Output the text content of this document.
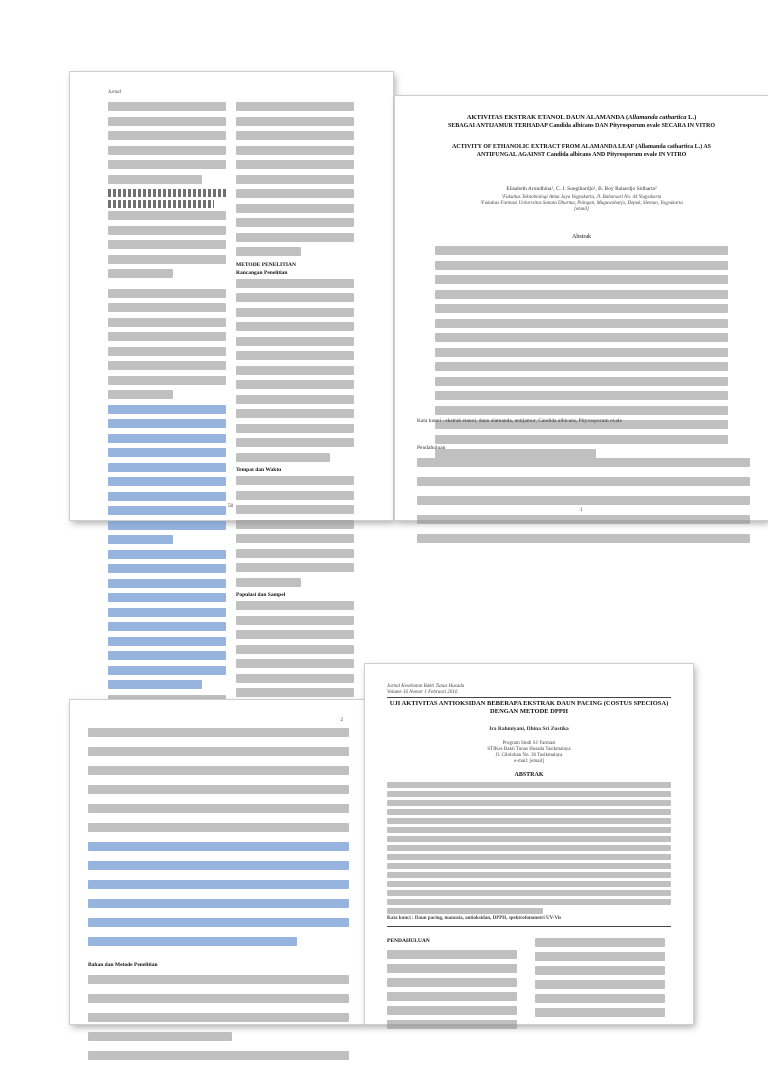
Jurnal
METODE PENELITIAN
Rancangan Penelitian
Tempat dan Waktu
Populasi dan Sampel
58
AKTIVITAS EKSTRAK ETANOL DAUN ALAMANDA (Allamanda cathartica L.)
SEBAGAI ANTIJAMUR TERHADAP Candida albicans DAN Pityrosporum ovale SECARA IN VITRO
ACTIVITY OF ETHANOLIC EXTRACT FROM ALAMANDA LEAF (Allamanda cathartica L.) AS ANTIFUNGAL AGAINST Candida albicans AND Pityrosporum ovale IN VITRO
Elisabeth Arundhina¹, C. J. Soegihardjo¹, B. Boy Rahardjo Sidharta²
¹Fakultas Teknobiologi Atma Jaya Yogyakarta, Jl. Babarsari No. 44 Yogyakarta
²Fakultas Farmasi Universitas Sanata Dharma, Paingan, Maguwoharjo, Depok, Sleman, Yogyakarta
[email]
Abstrak
Kata kunci : ekstrak etanol, daun alamanda, antijamur, Candida albicans, Pityrosporum ovale
Pendahuluan
1
2
Bahan dan Metode Penelitian
Jurnal Kesehatan Bakti Tunas Husada
Volume 16 Nomor 1 Februari 2016
UJI AKTIVITAS ANTIOKSIDAN BEBERAPA EKSTRAK DAUN PACING (COSTUS SPECIOSA) DENGAN METODE DPPH
Ira Rahmiyani, Dhina Sri Zustika
Program Studi S1 Farmasi
STIKes Bakti Tunas Husada Tasikmalaya
Jl. Cilolohan No. 36 Tasikmalaya
e-mail: [email]
ABSTRAK
Kata kunci : Daun pacing, manusia, antioksidan, DPPH, spektrofotometri UV-Vis
PENDAHULUAN
